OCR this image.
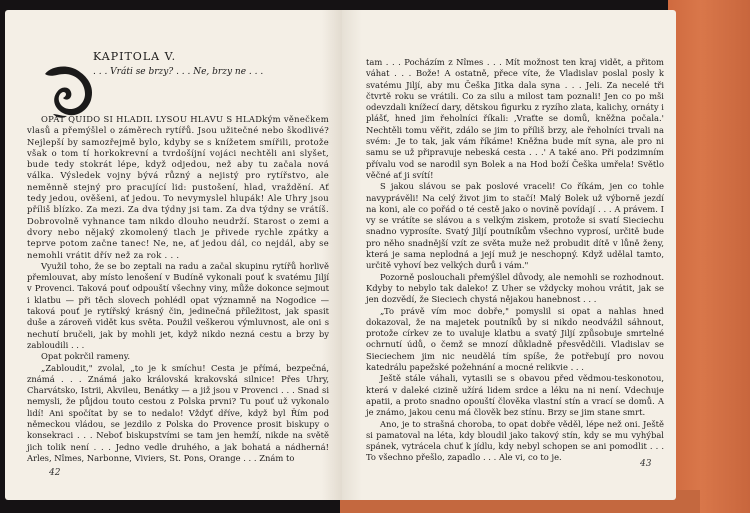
KAPITOLA V.
. . . Vráti se brzy? . . . Ne, brzy ne . . .

OPAT QUIDO SI HLADIL LYSOU HLAVU S HLADkým věnečkem vlasů a přemýšlel o záměrech rytířů. Jsou užitečné nebo škodlivé? Nejlepší by samozřejmě bylo, kdyby se s knížetem smířili, protože však o tom tí horkokrevní a tvrdošíjní vojáci nechtěli ani slyšet, bude tedy stokrát lépe, když odjedou, než aby tu začala nová válka. Výsledek vojny bývá různý a nejistý pro rytířstvo, ale neměnně stejný pro pracující lid: pustošení, hlad, vraždění. Ať tedy jedou, ověšeni, ať jedou. To nevymyslel hlupák! Ale Uhry jsou příliš blízko. Za mezi. Za dva týdny jsi tam. Za dva týdny se vrátíš. Dobrovolně vyhnance tam nikdo dlouho neudrží. Starost o zemi a dvory nebo nějaký zkomolený tlach je přivede rychle zpátky a teprve potom začne tanec! Ne, ne, ať jedou dál, co nejdál, aby se nemohli vrátit dřív než za rok . . .

Využil toho, že se bo zeptali na radu a začal skupinu rytířů horlivě přemlouvat, aby místo lenošení v Budíně vykonali pouť k svatému Jiljí v Provenci. Taková pouť odpouští všechny viny, může dokonce sejmout i klatbu — při těch slovech pohlédl opat významně na Nogodice — taková pouť je rytířský krásný čin, jedinečná příležitost, jak spasit duše a zároveň vidět kus světa. Použil veškerou výmluvnost, ale oni s nechutí bručeli, jak by mohli jet, když nikdo nezná cestu a brzy by zabloudili . . .

Opat pokrčil rameny.

„Zabloudit," zvolal, „to je k smíchu! Cesta je přímá, bezpečná, známá . . . Známá jako královská krakovská silnice! Přes Uhry, Charvátsko, Istrii, Akvileu, Benátky — a již jsou v Provenci . . . Snad si nemysli, že půjdou touto cestou z Polska prvni? Tu pouť už vykonalo lidí! Ani spočítat by se to nedalo! Vždyť dříve, když byl Řím pod německou vládou, se jezdilo z Polska do Provence prosit biskupy o konsekraci . . . Neboť biskupstvími se tam jen hemží, nikde na světě jich tolik není . . . Jedno vedle druhého, a jak bohatá a nádherná! Arles, Nîmes, Narbonne, Viviers, St. Pons, Orange . . . Znám to

42

tam . . . Pocházím z Nîmes . . . Mít možnost ten kraj vidět, a přitom váhat . . . Bože! A ostatně, přece víte, že Vladislav poslal posly k svatému Jiljí, aby mu Češka Jitka dala syna . . . Jeli. Za necelé tři čtvrtě roku se vrátili. Co za silu a milost tam poznali! Jen co po mši odevzdali knížecí dary, dětskou figurku z ryzího zlata, kalichy, ornáty i plášť, hned jim řeholníci říkali: ‚Vraťte se domů, kněžna počala.' Nechtěli tomu věřit, zdálo se jim to příliš brzy, ale řeholníci trvali na svém: ‚Je to tak, jak vám říkáme! Kněžna bude mít syna, ale pro ni samu se už připravuje nebeská cesta . . .' A také ano. Při podzimním přívalu vod se narodil syn Bolek a na Hod boží Češka umřela! Světlo věčné ať ji svítí!

S jakou slávou se pak poslové vraceli! Co říkám, jen co tohle navyprávěli! Na celý život jim to stačí! Malý Bolek už výborně jezdí na koni, ale co pořád o té cestě jako o novině povídají . . . A právem. I vy se vrátíte se slávou a s velkým ziskem, protože si svatí Sieciechu snadno vyprosíte. Svatý Jiljí poutníkům všechno vyprosí, určitě bude pro něho snadnější vzít ze světa muže než probudit dítě v lůně ženy, která je sama neplodná a její muž je neschopný. Když udělal tamto, určitě vyhoví bez velkých durů i vám."

Pozorně poslouchali přemýšlel důvody, ale nemohli se rozhodnout. Kdyby to nebylo tak daleko! Z Uher se vždycky mohou vrátit, jak se jen dozvědí, že Sieciech chystá nějakou hanebnost . . .

„To právě vím moc dobře," pomyslil si opat a nahlas hned dokazoval, že na majetek poutníků by si nikdo neodvážil sáhnout, protože církev ze to uvaluje klatbu a svatý Jiljí způsobuje smrtelné ochrnutí údů, o čemž se mnozí důkladně přesvědčili. Vladislav se Sieciechem jim nic neudělá tím spíše, že potřebují pro novou katedrálu papežské požehnání a mocné relikvie . . .

Ještě stále váhali, vytasili se s obavou před vědmou-teskonotou, která v daleké cizině užírá lidem srdce a léku na ni není. Vdechuje apatii, a proto snadno opouští člověka vlastní stín a vrací se domů. A je známo, jakou cenu má člověk bez stínu. Brzy se jim stane smrt.

Ano, je to strašná choroba, to opat dobře věděl, lépe než oni. Ještě si pamatoval na léta, kdy bloudil jako takový stín, kdy se mu vyhýbal spánek, vytrácela chuť k jídlu, kdy nebyl schopen se ani pomodlit . . . To všechno přešlo, zapadlo . . . Ale vi, co to je.

43
